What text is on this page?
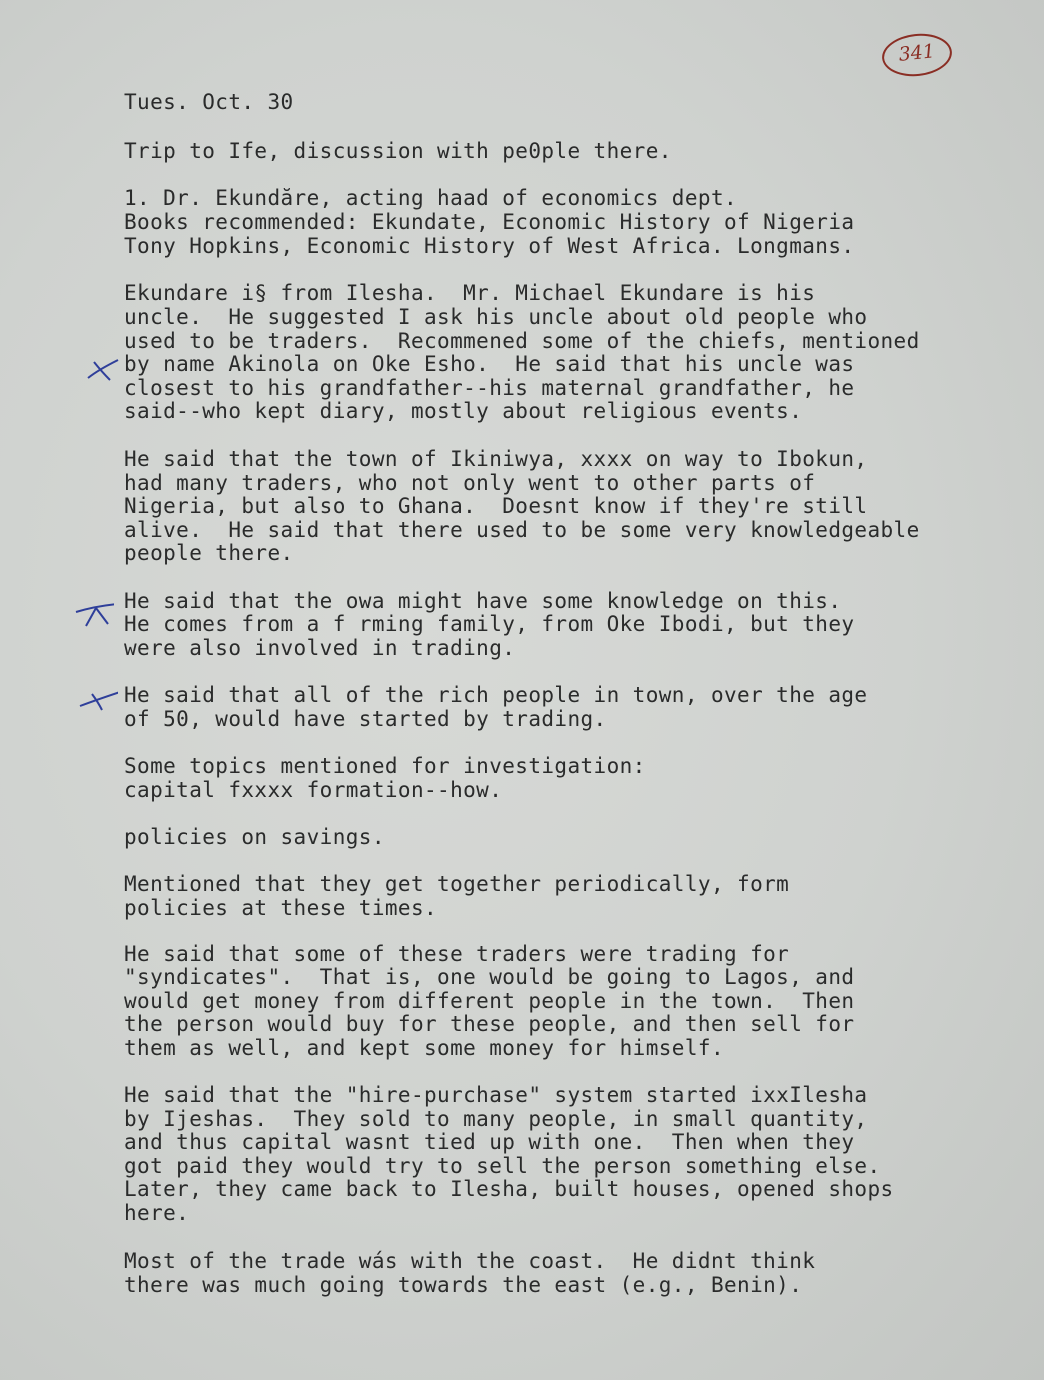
341

Tues. Oct. 30

Trip to Ife, discussion with pe0ple there.

1. Dr. Ekundăre, acting haad of economics dept.

Books recommended: Ekundate, Economic History of Nigeria

Tony Hopkins, Economic History of West Africa. Longmans.

Ekundare i§ from Ilesha.  Mr. Michael Ekundare is his

uncle.  He suggested I ask his uncle about old people who

used to be traders.  Recommened some of the chiefs, mentioned

by name Akinola on Oke Esho.  He said that his uncle was

closest to his grandfather--his maternal grandfather, he

said--who kept diary, mostly about religious events.

He said that the town of Ikiniwya, xxxx on way to Ibokun,

had many traders, who not only went to other parts of

Nigeria, but also to Ghana.  Doesnt know if they're still

alive.  He said that there used to be some very knowledgeable

people there.

He said that the owa might have some knowledge on this.

He comes from a f rming family, from Oke Ibodi, but they

were also involved in trading.

He said that all of the rich people in town, over the age

of 50, would have started by trading.

Some topics mentioned for investigation:

capital fxxxx formation--how.

policies on savings.

Mentioned that they get together periodically, form

policies at these times.

He said that some of these traders were trading for

"syndicates".  That is, one would be going to Lagos, and

would get money from different people in the town.  Then

the person would buy for these people, and then sell for

them as well, and kept some money for himself.

He said that the "hire-purchase" system started ixxIlesha

by Ijeshas.  They sold to many people, in small quantity,

and thus capital wasnt tied up with one.  Then when they

got paid they would try to sell the person something else.

Later, they came back to Ilesha, built houses, opened shops

here.

Most of the trade wás with the coast.  He didnt think

there was much going towards the east (e.g., Benin).
